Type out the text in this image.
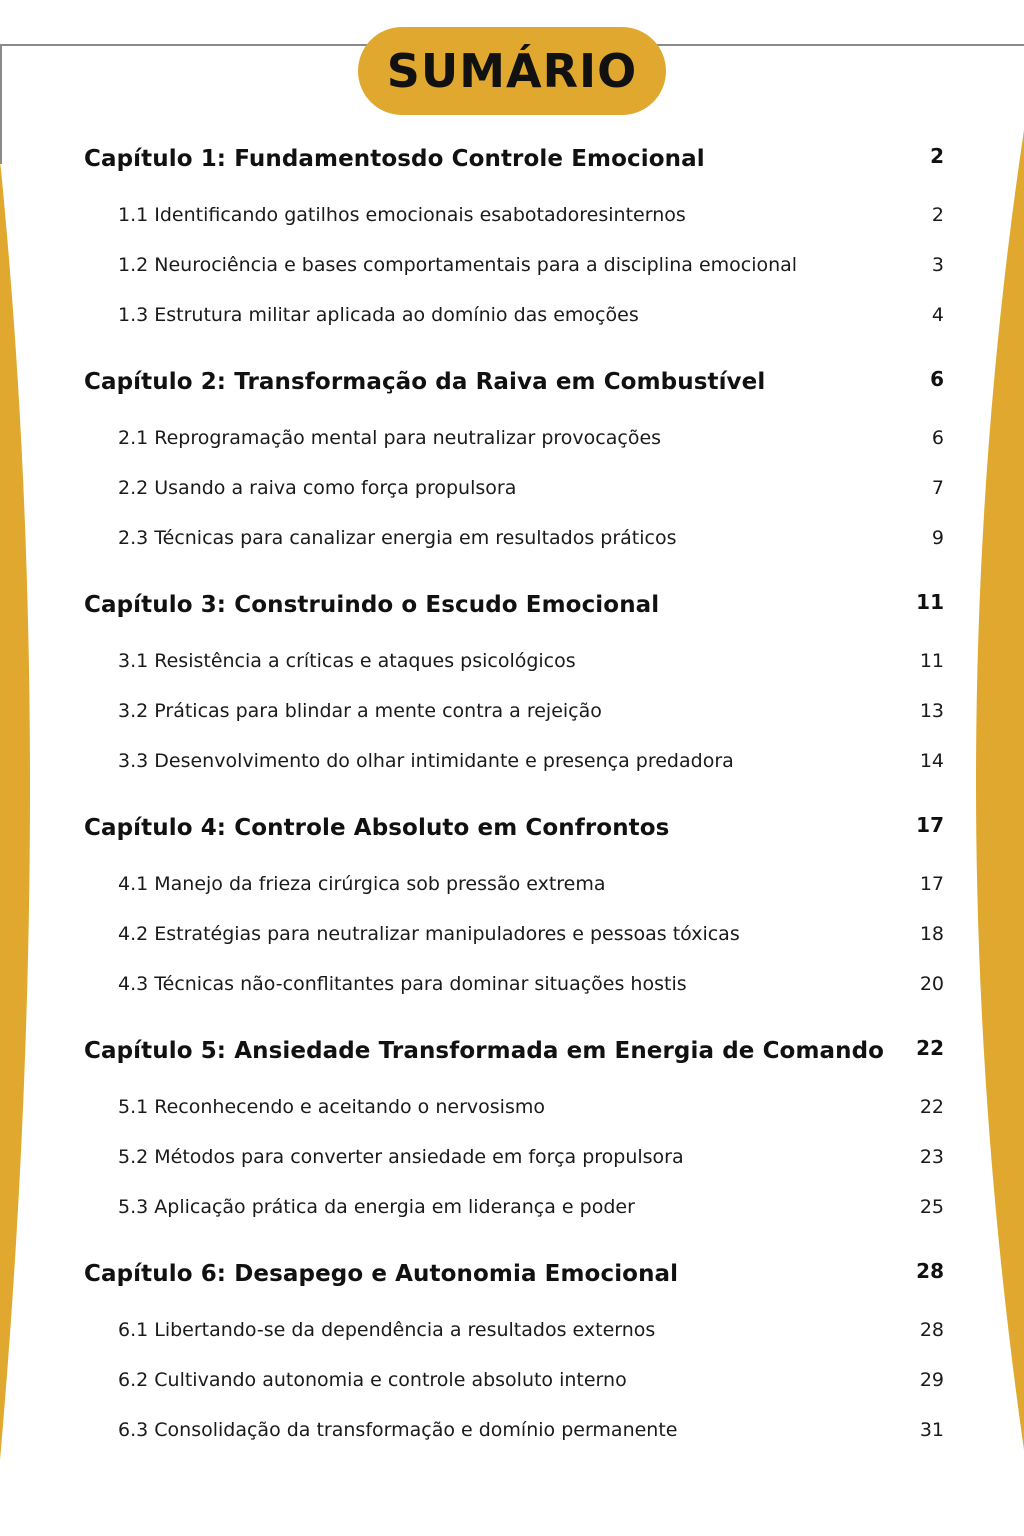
SUMÁRIO
Capítulo 1: Fundamentosdo Controle Emocional	2
1.1 Identificando gatilhos emocionais esabotadoresinternos	2
1.2 Neurociência e bases comportamentais para a disciplina emocional	3
1.3 Estrutura militar aplicada ao domínio das emoções	4
Capítulo 2: Transformação da Raiva em Combustível	6
2.1 Reprogramação mental para neutralizar provocações	6
2.2 Usando a raiva como força propulsora	7
2.3 Técnicas para canalizar energia em resultados práticos	9
Capítulo 3: Construindo o Escudo Emocional	11
3.1 Resistência a críticas e ataques psicológicos	11
3.2 Práticas para blindar a mente contra a rejeição	13
3.3 Desenvolvimento do olhar intimidante e presença predadora	14
Capítulo 4: Controle Absoluto em Confrontos	17
4.1 Manejo da frieza cirúrgica sob pressão extrema	17
4.2 Estratégias para neutralizar manipuladores e pessoas tóxicas	18
4.3 Técnicas não-conflitantes para dominar situações hostis	20
Capítulo 5: Ansiedade Transformada em Energia de Comando 22
5.1 Reconhecendo e aceitando o nervosismo	22
5.2 Métodos para converter ansiedade em força propulsora	23
5.3 Aplicação prática da energia em liderança e poder	25
Capítulo 6: Desapego e Autonomia Emocional	28
6.1 Libertando-se da dependência a resultados externos	28
6.2 Cultivando autonomia e controle absoluto interno	29
6.3 Consolidação da transformação e domínio permanente	31
